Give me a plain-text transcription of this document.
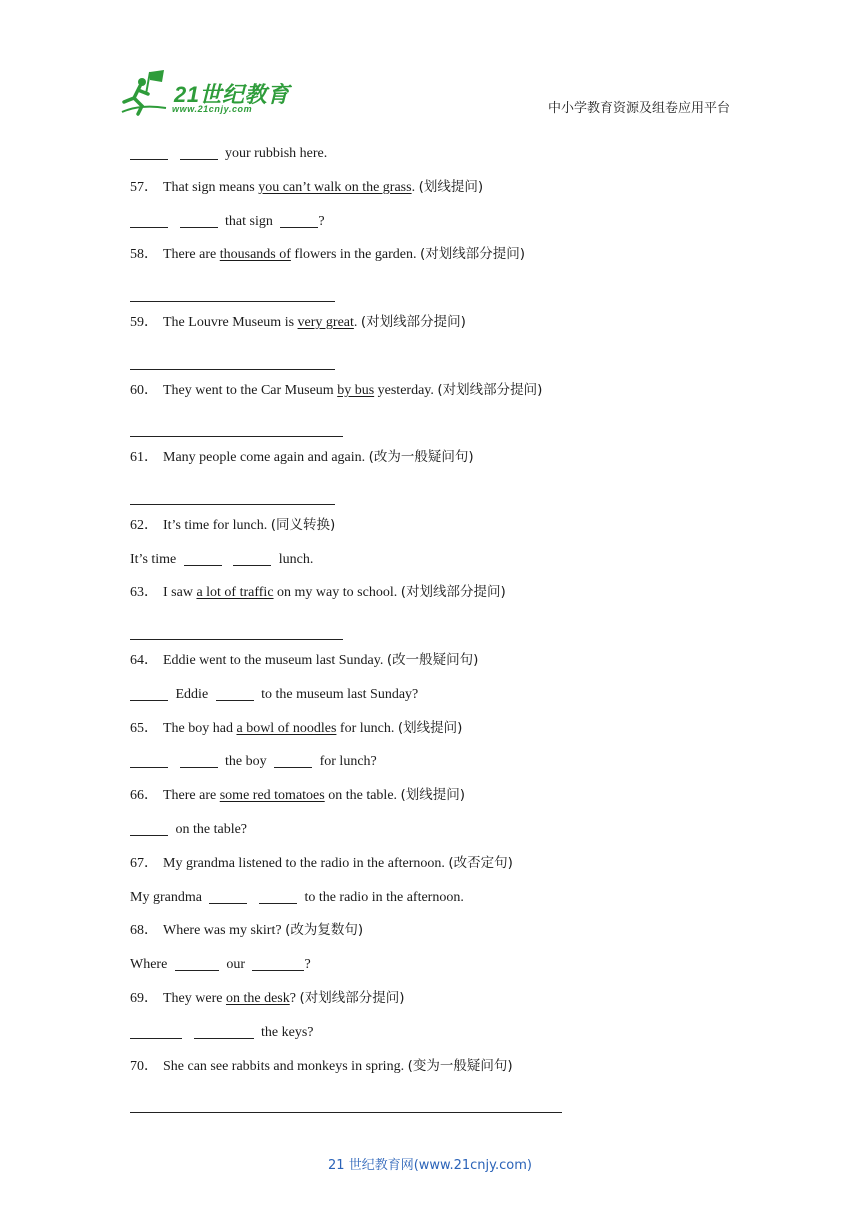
21世纪教育
www.21cnjy.com	中小学教育资源及组卷应用平台
your rubbish here.
57． That sign means you can’t walk on the grass. (划线提问)
that sign	?
58． There are thousands of flowers in the garden. (对划线部分提问)
59． The Louvre Museum is very great. (对划线部分提问)
60． They went to the Car Museum by bus yesterday. (对划线部分提问)
61． Many people come again and again. (改为一般疑问句)
62． It’s time for lunch. (同义转换)
It’s time	lunch.
63． I saw a lot of traffic on my way to school. (对划线部分提问)
64． Eddie went to the museum last Sunday. (改一般疑问句)
Eddie	to the museum last Sunday?
65． The boy had a bowl of noodles for lunch. (划线提问)
the boy	for lunch?
66． There are some red tomatoes on the table. (划线提问)
on the table?
67． My grandma listened to the radio in the afternoon. (改否定句)
My grandma	to the radio in the afternoon.
68． Where was my skirt? (改为复数句)
Where	our	?
69． They were on the desk? (对划线部分提问)
the keys?
70． She can see rabbits and monkeys in spring. (变为一般疑问句)
21 世纪教育网(www.21cnjy.com)
